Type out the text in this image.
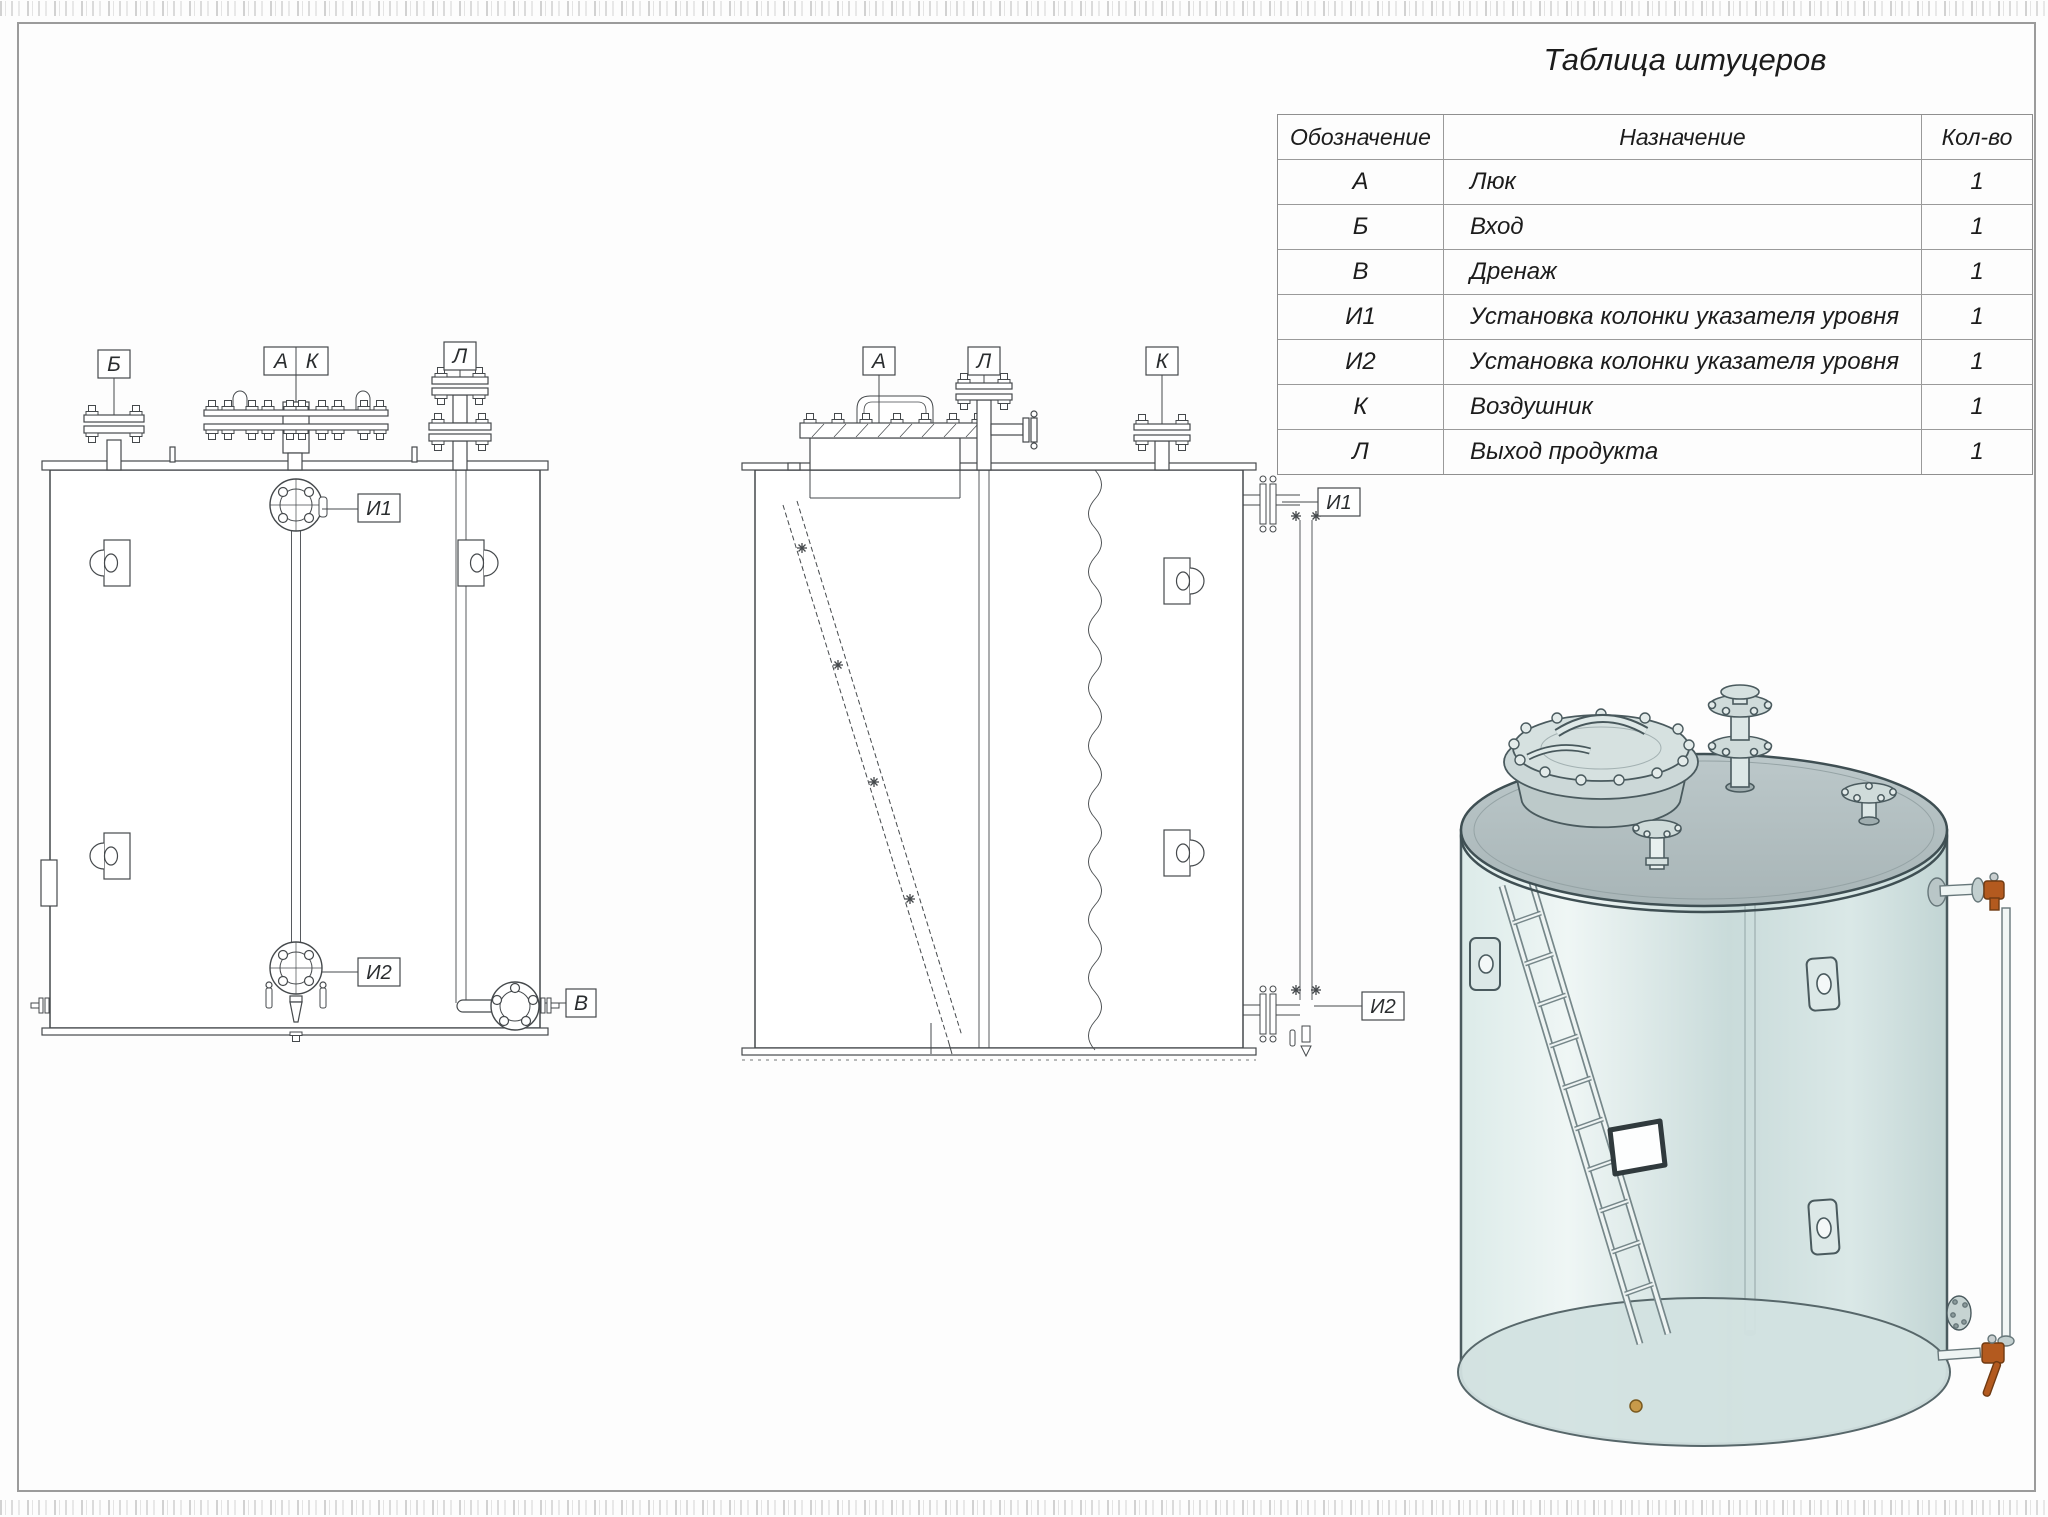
Б	А К	Л
И1
И2
В
А	Л	К
И1
И2
Таблица штуцеров
Обозначение	Назначение	Кол-во
А	Люк	1
Б	Вход	1
В	Дренаж	1
И1	Установка колонки указателя уровня	1
И2	Установка колонки указателя уровня	1
К	Воздушник	1
Л	Выход продукта	1
